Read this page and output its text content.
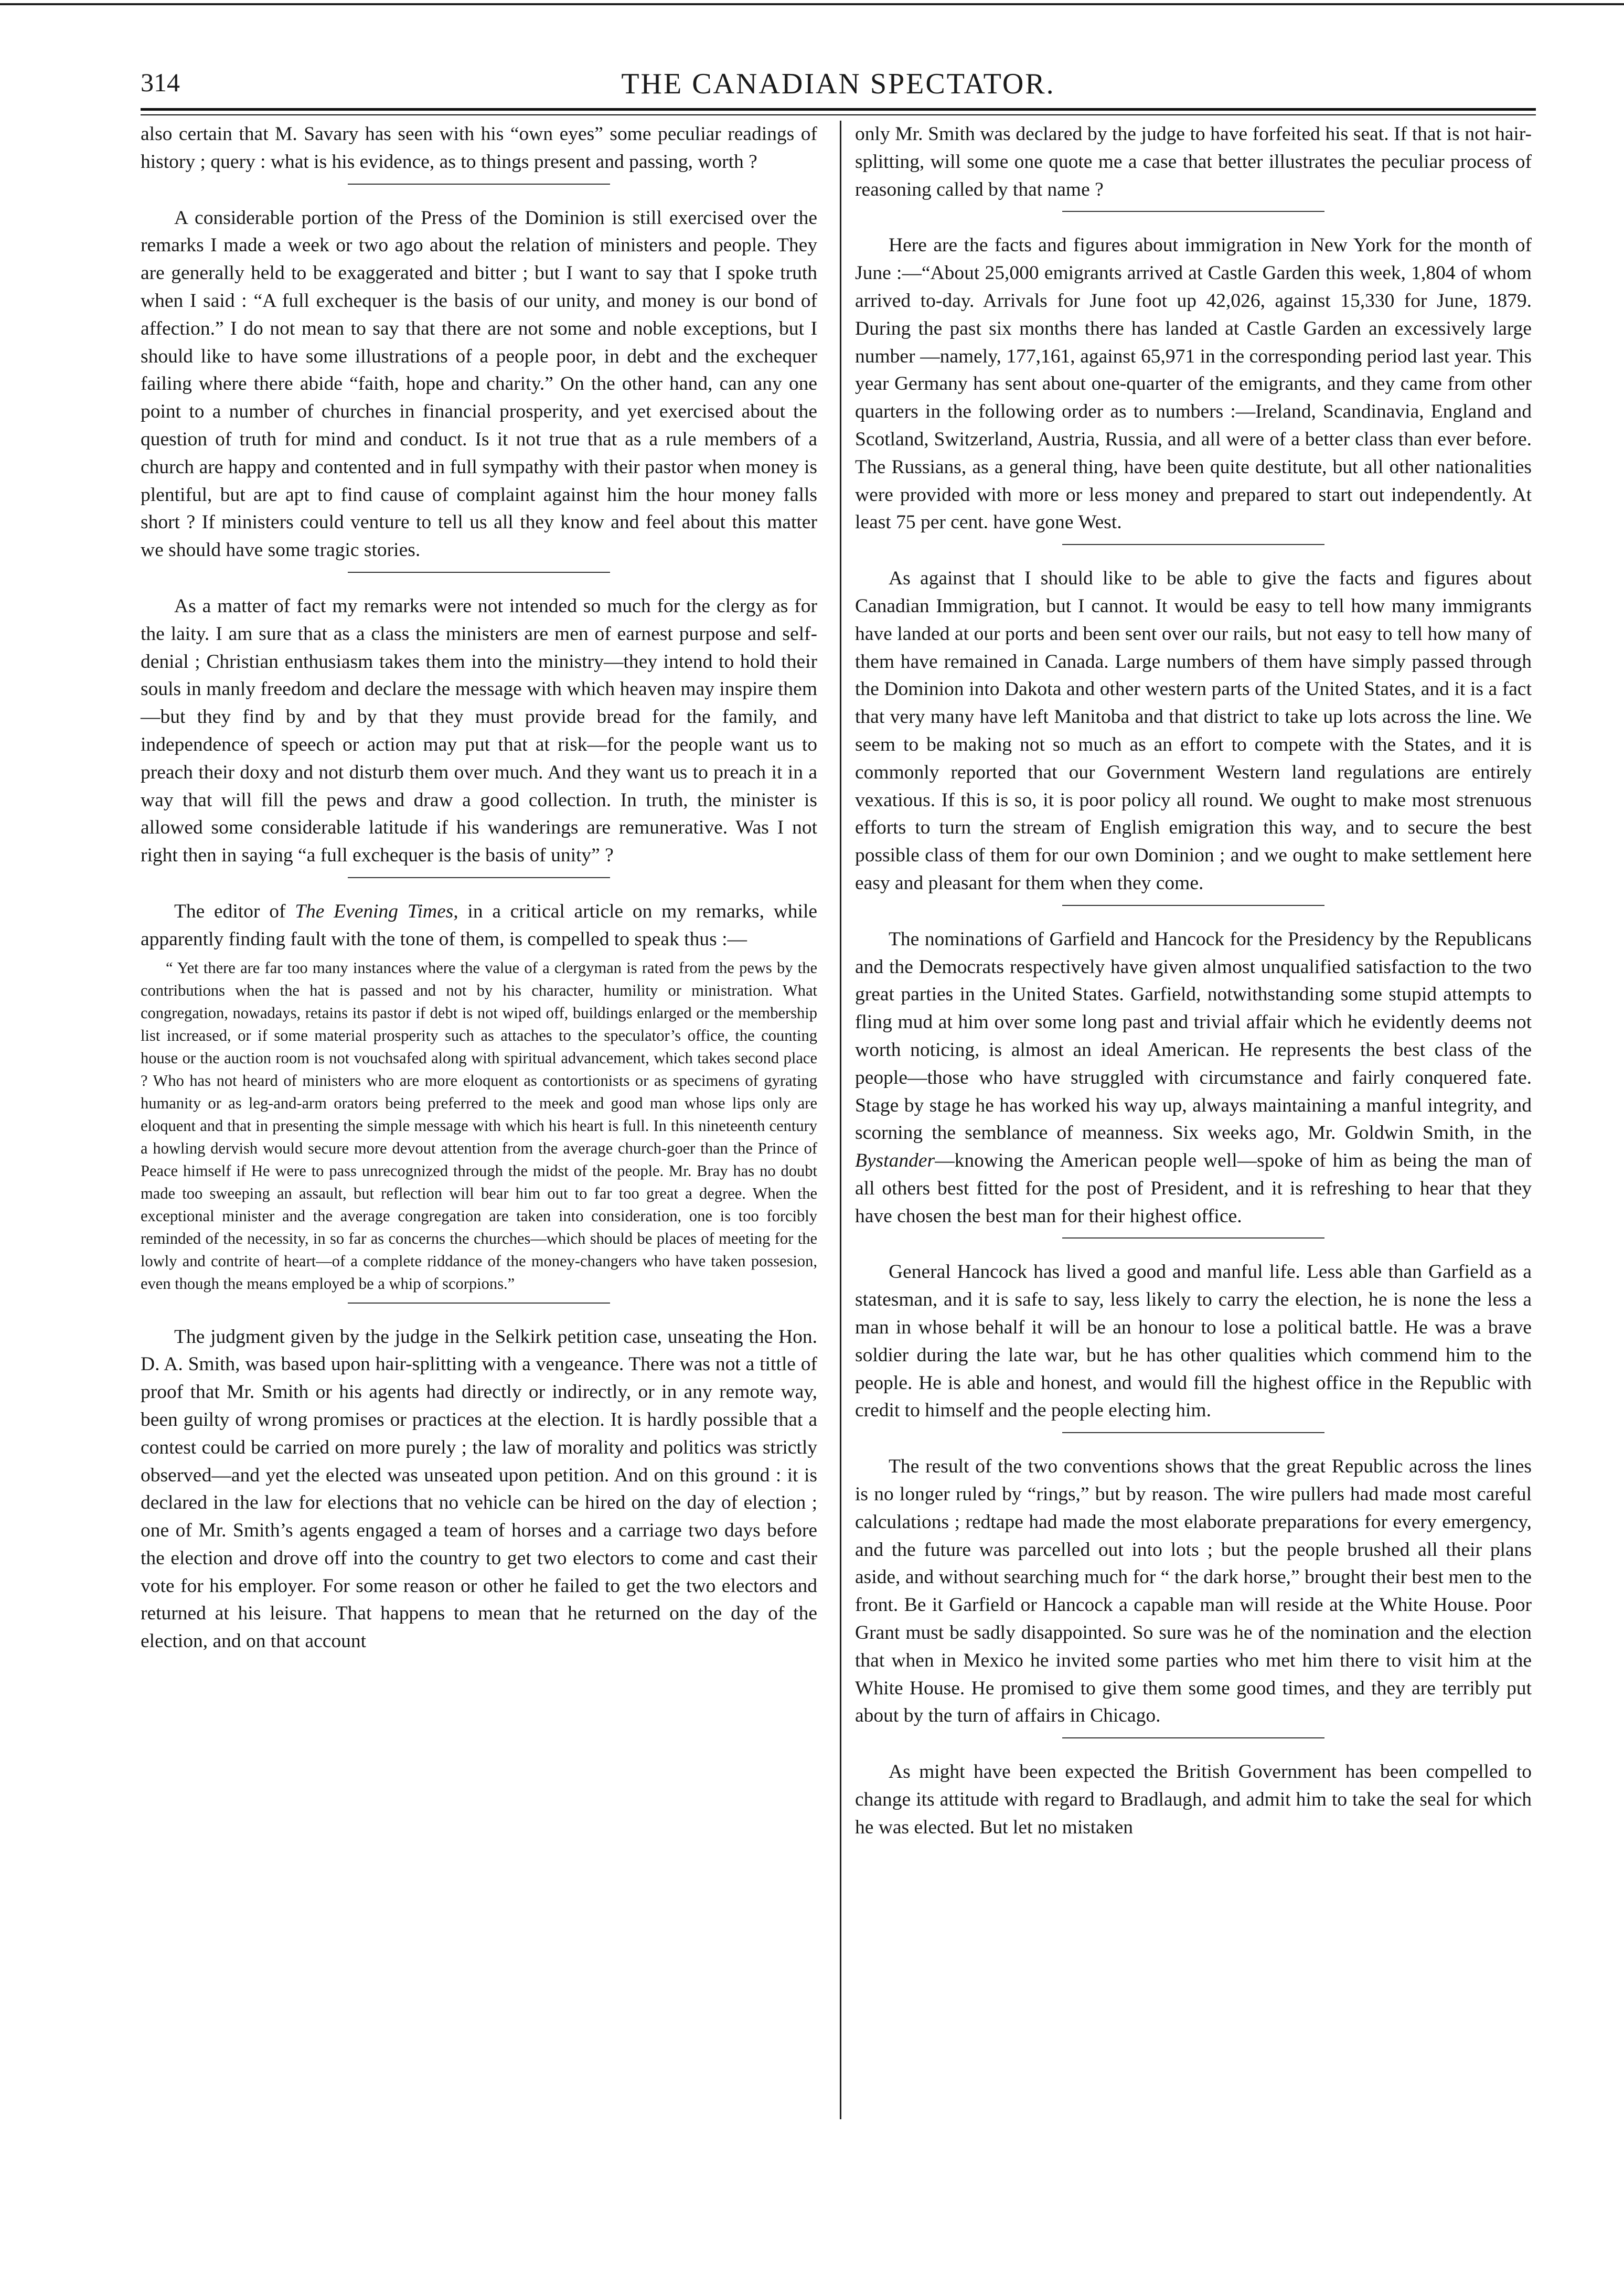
314	THE CANADIAN SPECTATOR.

also certain that M. Savary has seen with his “own eyes” some peculiar readings of history ; query : what is his evidence, as to things present and passing, worth ?

A considerable portion of the Press of the Dominion is still exercised over the remarks I made a week or two ago about the relation of ministers and people. They are generally held to be exaggerated and bitter ; but I want to say that I spoke truth when I said : “A full exchequer is the basis of our unity, and money is our bond of affection.” I do not mean to say that there are not some and noble exceptions, but I should like to have some illustrations of a people poor, in debt and the exchequer failing where there abide “faith, hope and charity.” On the other hand, can any one point to a number of churches in financial prosperity, and yet exercised about the question of truth for mind and conduct. Is it not true that as a rule members of a church are happy and contented and in full sympathy with their pastor when money is plentiful, but are apt to find cause of complaint against him the hour money falls short ? If ministers could venture to tell us all they know and feel about this matter we should have some tragic stories.

As a matter of fact my remarks were not intended so much for the clergy as for the laity. I am sure that as a class the ministers are men of earnest purpose and self-denial ; Christian enthusiasm takes them into the ministry—they intend to hold their souls in manly freedom and declare the message with which heaven may inspire them—but they find by and by that they must provide bread for the family, and independence of speech or action may put that at risk—for the people want us to preach their doxy and not disturb them over much. And they want us to preach it in a way that will fill the pews and draw a good collection. In truth, the minister is allowed some considerable latitude if his wanderings are remunerative. Was I not right then in saying “a full exchequer is the basis of unity” ?

The editor of The Evening Times, in a critical article on my remarks, while apparently finding fault with the tone of them, is compelled to speak thus :—

“ Yet there are far too many instances where the value of a clergyman is rated from the pews by the contributions when the hat is passed and not by his character, humility or ministration. What congregation, nowadays, retains its pastor if debt is not wiped off, buildings enlarged or the membership list increased, or if some material prosperity such as attaches to the speculator’s office, the counting house or the auction room is not vouchsafed along with spiritual advancement, which takes second place ? Who has not heard of ministers who are more eloquent as contortionists or as specimens of gyrating humanity or as leg-and-arm orators being preferred to the meek and good man whose lips only are eloquent and that in presenting the simple message with which his heart is full. In this nineteenth century a howling dervish would secure more devout attention from the average church-goer than the Prince of Peace himself if He were to pass unrecognized through the midst of the people. Mr. Bray has no doubt made too sweeping an assault, but reflection will bear him out to far too great a degree. When the exceptional minister and the average congregation are taken into consideration, one is too forcibly reminded of the necessity, in so far as concerns the churches—which should be places of meeting for the lowly and contrite of heart—of a complete riddance of the money-changers who have taken possesion, even though the means employed be a whip of scorpions.”

The judgment given by the judge in the Selkirk petition case, unseating the Hon. D. A. Smith, was based upon hair-splitting with a vengeance. There was not a tittle of proof that Mr. Smith or his agents had directly or indirectly, or in any remote way, been guilty of wrong promises or practices at the election. It is hardly possible that a contest could be carried on more purely ; the law of morality and politics was strictly observed—and yet the elected was unseated upon petition. And on this ground : it is declared in the law for elections that no vehicle can be hired on the day of election ; one of Mr. Smith’s agents engaged a team of horses and a carriage two days before the election and drove off into the country to get two electors to come and cast their vote for his employer. For some reason or other he failed to get the two electors and returned at his leisure. That happens to mean that he returned on the day of the election, and on that account

only Mr. Smith was declared by the judge to have forfeited his seat. If that is not hair-splitting, will some one quote me a case that better illustrates the peculiar process of reasoning called by that name ?

Here are the facts and figures about immigration in New York for the month of June :—“About 25,000 emigrants arrived at Castle Garden this week, 1,804 of whom arrived to-day. Arrivals for June foot up 42,026, against 15,330 for June, 1879. During the past six months there has landed at Castle Garden an excessively large number —namely, 177,161, against 65,971 in the corresponding period last year. This year Germany has sent about one-quarter of the emigrants, and they came from other quarters in the following order as to numbers :—Ireland, Scandinavia, England and Scotland, Switzerland, Austria, Russia, and all were of a better class than ever before. The Russians, as a general thing, have been quite destitute, but all other nationalities were provided with more or less money and prepared to start out independently. At least 75 per cent. have gone West.

As against that I should like to be able to give the facts and figures about Canadian Immigration, but I cannot. It would be easy to tell how many immigrants have landed at our ports and been sent over our rails, but not easy to tell how many of them have remained in Canada. Large numbers of them have simply passed through the Dominion into Dakota and other western parts of the United States, and it is a fact that very many have left Manitoba and that district to take up lots across the line. We seem to be making not so much as an effort to compete with the States, and it is commonly reported that our Government Western land regulations are entirely vexatious. If this is so, it is poor policy all round. We ought to make most strenuous efforts to turn the stream of English emigration this way, and to secure the best possible class of them for our own Dominion ; and we ought to make settlement here easy and pleasant for them when they come.

The nominations of Garfield and Hancock for the Presidency by the Republicans and the Democrats respectively have given almost unqualified satisfaction to the two great parties in the United States. Garfield, notwithstanding some stupid attempts to fling mud at him over some long past and trivial affair which he evidently deems not worth noticing, is almost an ideal American. He represents the best class of the people—those who have struggled with circumstance and fairly conquered fate. Stage by stage he has worked his way up, always maintaining a manful integrity, and scorning the semblance of meanness. Six weeks ago, Mr. Goldwin Smith, in the Bystander—knowing the American people well—spoke of him as being the man of all others best fitted for the post of President, and it is refreshing to hear that they have chosen the best man for their highest office.

General Hancock has lived a good and manful life. Less able than Garfield as a statesman, and it is safe to say, less likely to carry the election, he is none the less a man in whose behalf it will be an honour to lose a political battle. He was a brave soldier during the late war, but he has other qualities which commend him to the people. He is able and honest, and would fill the highest office in the Republic with credit to himself and the people electing him.

The result of the two conventions shows that the great Republic across the lines is no longer ruled by “rings,” but by reason. The wire pullers had made most careful calculations ; redtape had made the most elaborate preparations for every emergency, and the future was parcelled out into lots ; but the people brushed all their plans aside, and without searching much for “ the dark horse,” brought their best men to the front. Be it Garfield or Hancock a capable man will reside at the White House. Poor Grant must be sadly disappointed. So sure was he of the nomination and the election that when in Mexico he invited some parties who met him there to visit him at the White House. He promised to give them some good times, and they are terribly put about by the turn of affairs in Chicago.

As might have been expected the British Government has been compelled to change its attitude with regard to Bradlaugh, and admit him to take the seal for which he was elected. But let no mistaken
